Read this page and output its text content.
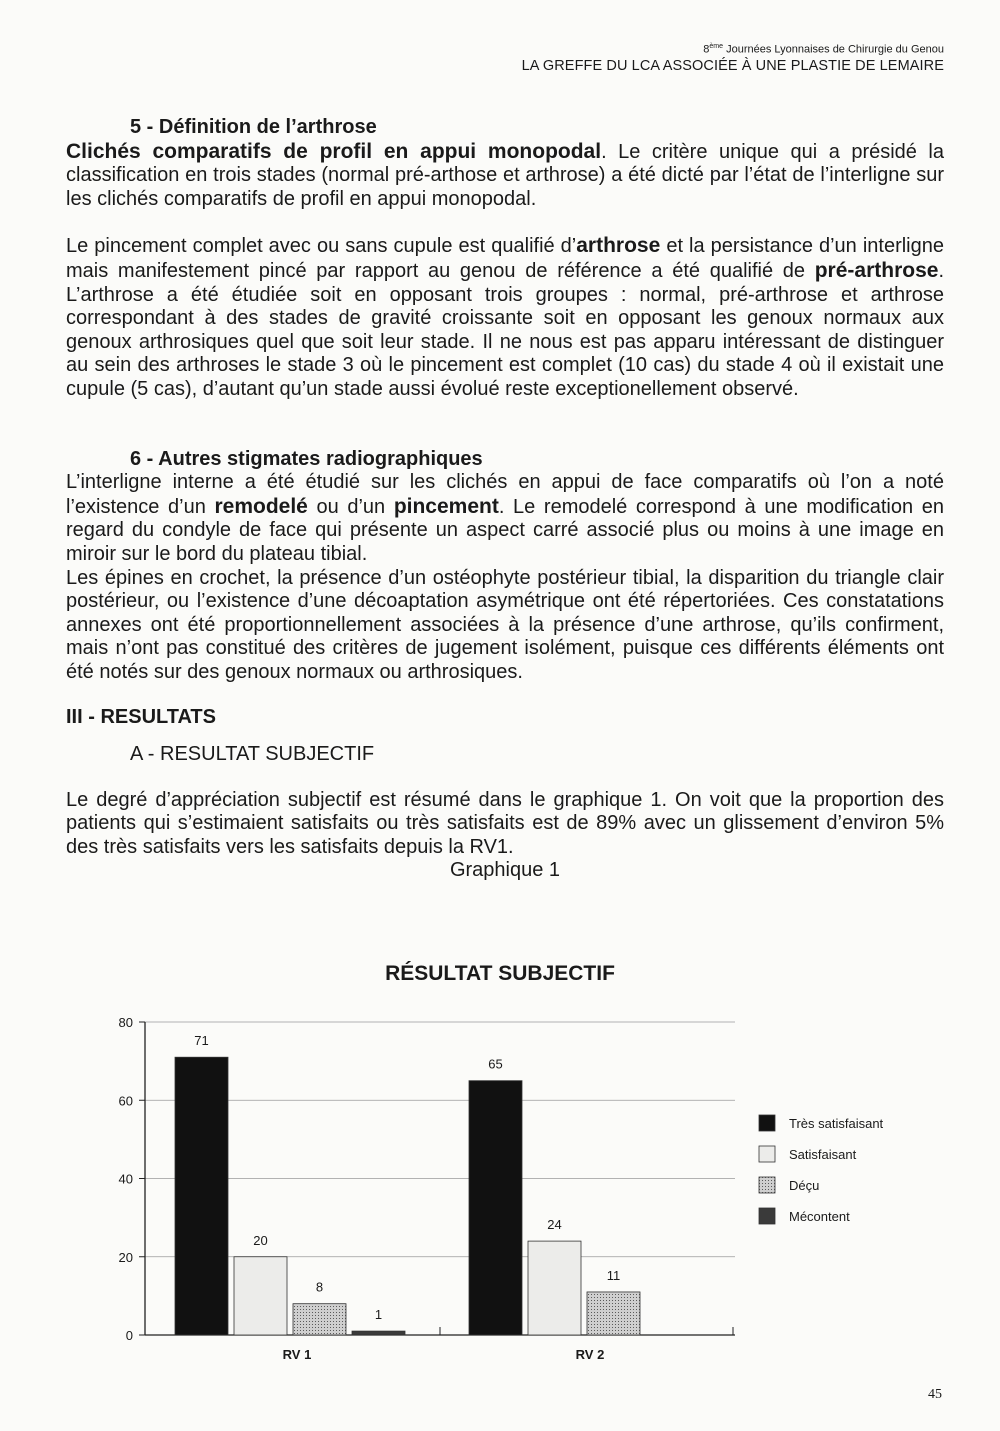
8ème Journées Lyonnaises de Chirurgie du Genou
LA GREFFE DU LCA ASSOCIÉE À UNE PLASTIE DE LEMAIRE

5 - Définition de l’arthrose

Clichés comparatifs de profil en appui monopodal. Le critère unique qui a présidé la classification en trois stades (normal pré-arthose et arthrose) a été dicté par l’état de l’interligne sur les clichés comparatifs de profil en appui monopodal.

Le pincement complet avec ou sans cupule est qualifié d’arthrose et la persistance d’un interligne mais manifestement pincé par rapport au genou de référence a été qualifié de pré-arthrose. L’arthrose a été étudiée soit en opposant trois groupes : normal, pré-arthrose et arthrose correspondant à des stades de gravité croissante soit en opposant les genoux normaux aux genoux arthrosiques quel que soit leur stade. Il ne nous est pas apparu intéressant de distinguer au sein des arthroses le stade 3 où le pincement est complet (10 cas) du stade 4 où il existait une cupule (5 cas), d’autant qu’un stade aussi évolué reste exceptionellement observé.

6 - Autres stigmates radiographiques

L’interligne interne a été étudié sur les clichés en appui de face comparatifs où l’on a noté l’existence d’un remodelé ou d’un pincement. Le remodelé correspond à une modification en regard du condyle de face qui présente un aspect carré associé plus ou moins à une image en miroir sur le bord du plateau tibial.

Les épines en crochet, la présence d’un ostéophyte postérieur tibial, la disparition du triangle clair postérieur, ou l’existence d’une décoaptation asymétrique ont été répertoriées. Ces constatations annexes ont été proportionnellement associées à la présence d’une arthrose, qu’ils confirment, mais n’ont pas constitué des critères de jugement isolément, puisque ces différents éléments ont été notés sur des genoux normaux ou arthrosiques.

III - RESULTATS

A - RESULTAT SUBJECTIF

Le degré d’appréciation subjectif est résumé dans le graphique 1. On voit que la proportion des patients qui s’estimaient satisfaits ou très satisfaits est de 89% avec un glissement d’environ 5% des très satisfaits vers les satisfaits depuis la RV1.

Graphique 1

RÉSULTAT SUBJECTIF
0
20
40
60
80
71
20
8
1
RV 1
65
24
11
RV 2
Très satisfaisant
Satisfaisant
Déçu
Mécontent
45
